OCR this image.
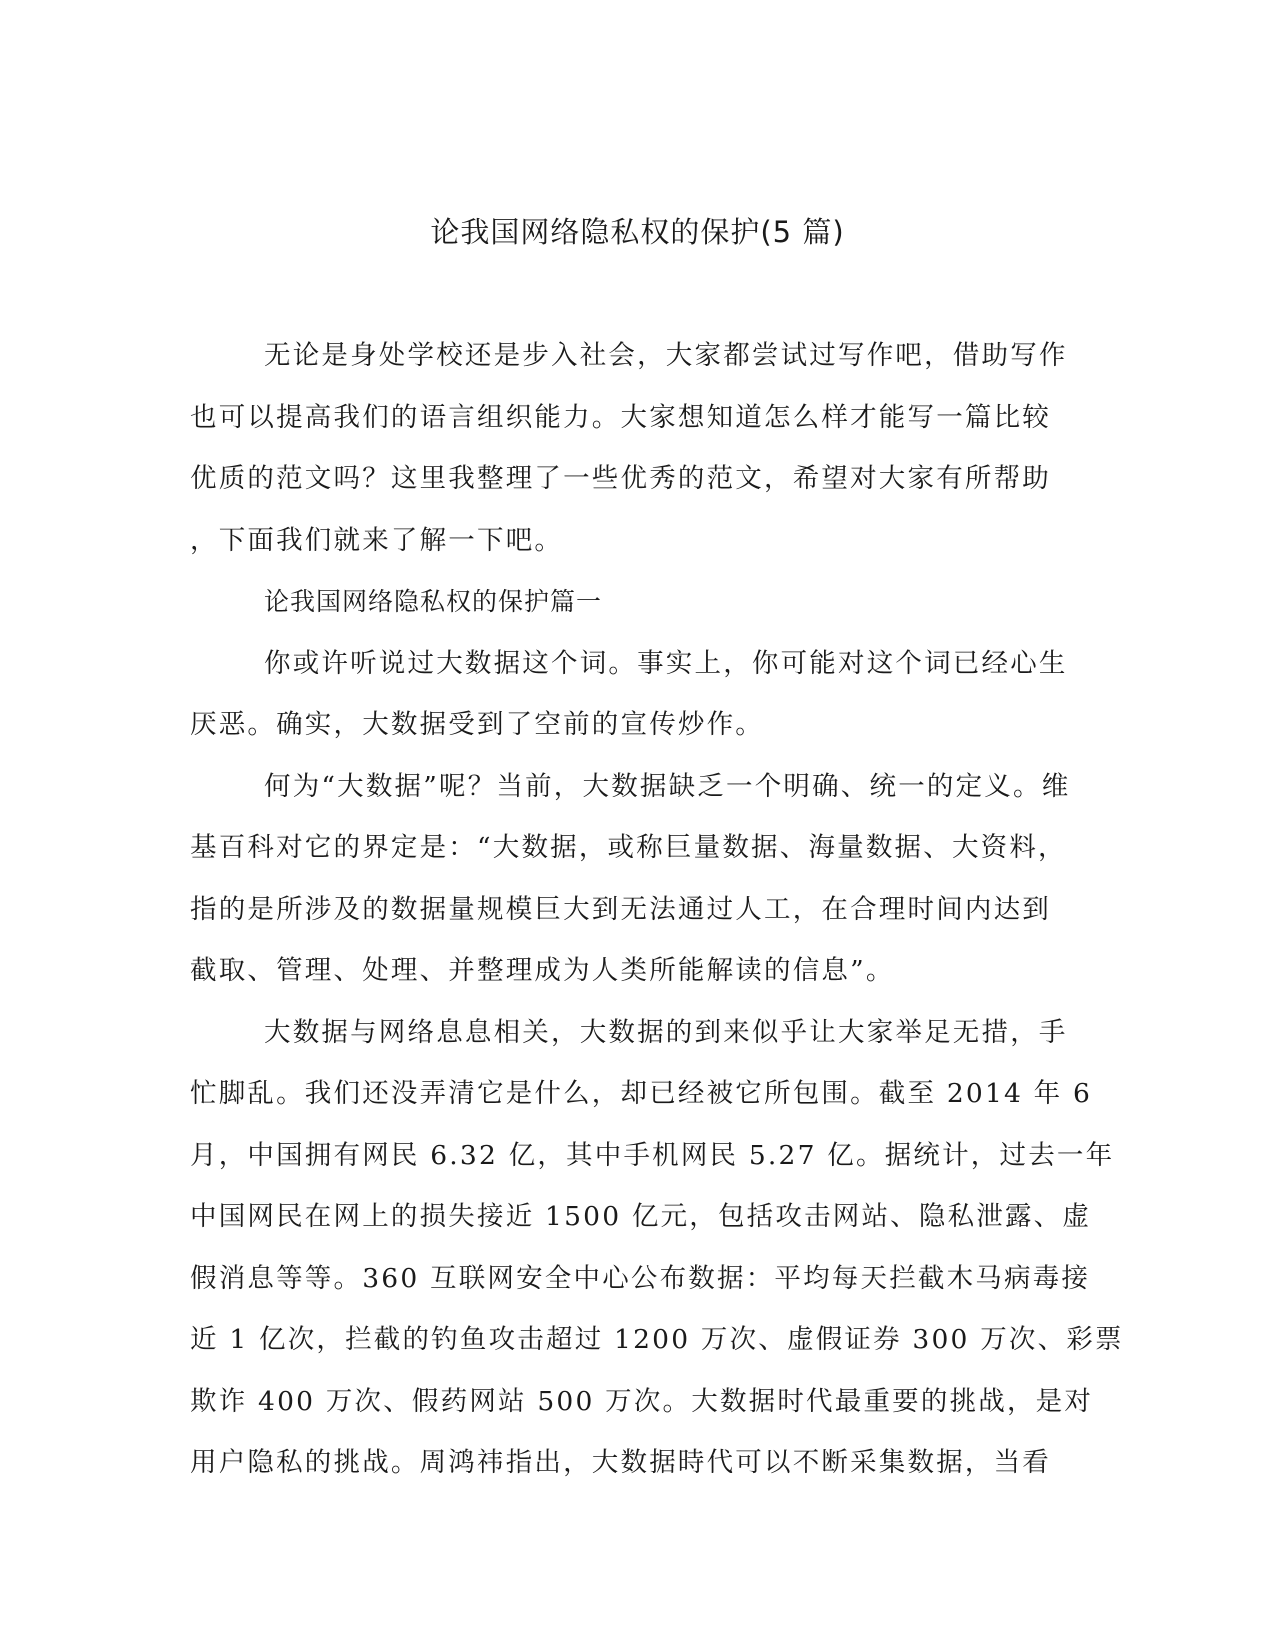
论我国网络隐私权的保护(5 篇)
无论是身处学校还是步入社会，大家都尝试过写作吧，借助写作
也可以提高我们的语言组织能力。大家想知道怎么样才能写一篇比较
优质的范文吗？这里我整理了一些优秀的范文，希望对大家有所帮助
，下面我们就来了解一下吧。
论我国网络隐私权的保护篇一
你或许听说过大数据这个词。事实上，你可能对这个词已经心生
厌恶。确实，大数据受到了空前的宣传炒作。
何为“大数据”呢？当前，大数据缺乏一个明确、统一的定义。维
基百科对它的界定是：“大数据，或称巨量数据、海量数据、大资料，
指的是所涉及的数据量规模巨大到无法通过人工，在合理时间内达到
截取、管理、处理、并整理成为人类所能解读的信息”。
大数据与网络息息相关，大数据的到来似乎让大家举足无措，手
忙脚乱。我们还没弄清它是什么，却已经被它所包围。截至 2014 年 6
月，中国拥有网民 6.32 亿，其中手机网民 5.27 亿。据统计，过去一年
中国网民在网上的损失接近 1500 亿元，包括攻击网站、隐私泄露、虚
假消息等等。360 互联网安全中心公布数据：平均每天拦截木马病毒接
近 1 亿次，拦截的钓鱼攻击超过 1200 万次、虚假证券 300 万次、彩票
欺诈 400 万次、假药网站 500 万次。大数据时代最重要的挑战，是对
用户隐私的挑战。周鸿祎指出，大数据時代可以不断采集数据，当看
